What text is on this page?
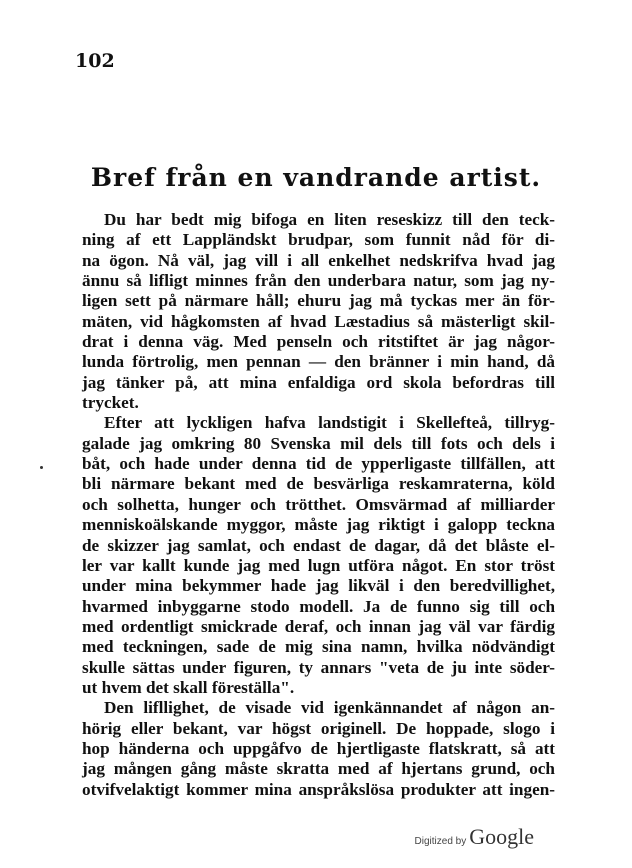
102
Bref från en vandrande artist.
Du har bedt mig bifoga en liten reseskizz till den teck-
ning af ett Lappländskt brudpar, som funnit nåd för di-
na ögon. Nå väl, jag vill i all enkelhet nedskrifva hvad jag
ännu så lifligt minnes från den underbara natur, som jag ny-
ligen sett på närmare håll; ehuru jag må tyckas mer än för-
mäten, vid hågkomsten af hvad Læstadius så mästerligt skil-
drat i denna väg. Med penseln och ritstiftet är jag någor-
lunda förtrolig, men pennan — den bränner i min hand, då
jag tänker på, att mina enfaldiga ord skola befordras till
trycket.
Efter att lyckligen hafva landstigit i Skellefteå, tillryg-
galade jag omkring 80 Svenska mil dels till fots och dels i
båt, och hade under denna tid de ypperligaste tillfällen, att
bli närmare bekant med de besvärliga reskamraterna, köld
och solhetta, hunger och trötthet. Omsvärmad af milliarder
menniskoälskande myggor, måste jag riktigt i galopp teckna
de skizzer jag samlat, och endast de dagar, då det blåste el-
ler var kallt kunde jag med lugn utföra något. En stor tröst
under mina bekymmer hade jag likväl i den beredvillighet,
hvarmed inbyggarne stodo modell. Ja de funno sig till och
med ordentligt smickrade deraf, och innan jag väl var färdig
med teckningen, sade de mig sina namn, hvilka nödvändigt
skulle sättas under figuren, ty annars "veta de ju inte söder-
ut hvem det skall föreställa".
Den lifllighet, de visade vid igenkännandet af någon an-
hörig eller bekant, var högst originell. De hoppade, slogo i
hop händerna och uppgåfvo de hjertligaste flatskratt, så att
jag mången gång måste skratta med af hjertans grund, och
otvifvelaktigt kommer mina anspråkslösa produkter att ingen-
Digitized by Google
